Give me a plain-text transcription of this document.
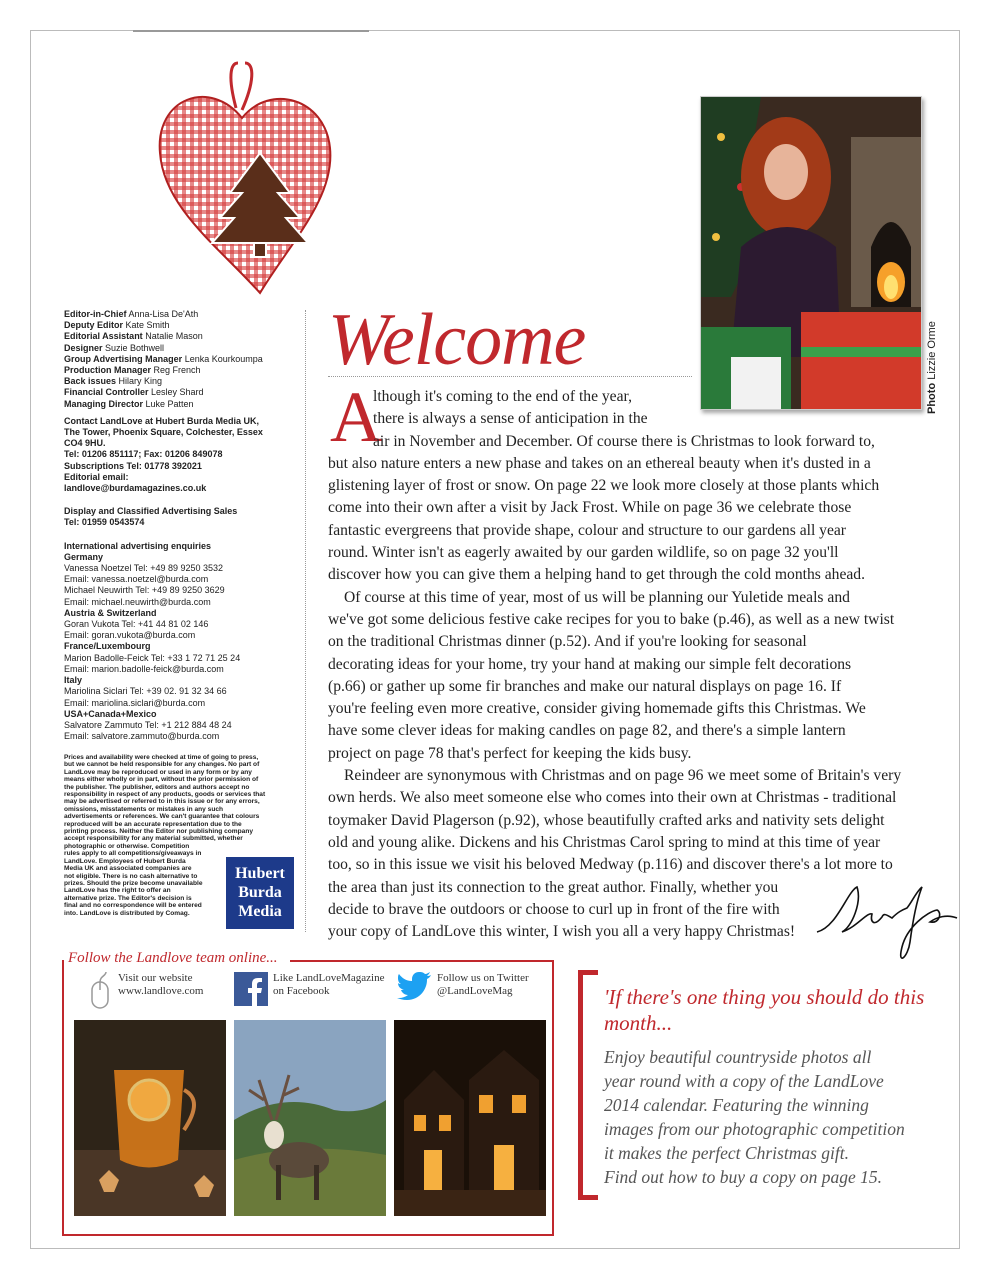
Editor-in-Chief Anna-Lisa De'Ath
Deputy Editor Kate Smith
Editorial Assistant Natalie Mason
Designer Suzie Bothwell
Group Advertising Manager Lenka Kourkoumpa
Production Manager Reg French
Back issues Hilary King
Financial Controller Lesley Shard
Managing Director Luke Patten
Contact LandLove at Hubert Burda Media UK,
The Tower, Phoenix Square, Colchester, Essex
CO4 9HU.
Tel: 01206 851117; Fax: 01206 849078
Subscriptions Tel: 01778 392021
Editorial email:
landlove@burdamagazines.co.uk
Display and Classified Advertising Sales
Tel: 01959 0543574
International advertising enquiries
Germany
Vanessa Noetzel Tel: +49 89 9250 3532
Email: vanessa.noetzel@burda.com
Michael Neuwirth Tel: +49 89 9250 3629
Email: michael.neuwirth@burda.com
Austria & Switzerland
Goran Vukota Tel: +41 44 81 02 146
Email: goran.vukota@burda.com
France/Luxembourg
Marion Badolle-Feick Tel: +33 1 72 71 25 24
Email: marion.badolle-feick@burda.com
Italy
Mariolina Siclari Tel: +39 02. 91 32 34 66
Email: mariolina.siclari@burda.com
USA+Canada+Mexico
Salvatore Zammuto Tel: +1 212 884 48 24
Email: salvatore.zammuto@burda.com
Prices and availability were checked at time of going to press,
but we cannot be held responsible for any changes. No part of
LandLove may be reproduced or used in any form or by any
means either wholly or in part, without the prior permission of
the publisher. The publisher, editors and authors accept no
responsibility in respect of any products, goods or services that
may be advertised or referred to in this issue or for any errors,
omissions, misstatements or mistakes in any such
advertisements or references. We can't guarantee that colours
reproduced will be an accurate representation due to the
printing process. Neither the Editor nor publishing company
accept responsibility for any material submitted, whether
photographic or otherwise. Competition
rules apply to all competitions/giveaways in
LandLove. Employees of Hubert Burda
Media UK and associated companies are
not eligible. There is no cash alternative to
prizes. Should the prize become unavailable
LandLove has the right to offer an
alternative prize. The Editor's decision is
final and no correspondence will be entered
into. LandLove is distributed by Comag.
Hubert
Burda
Media
Welcome
Photo Lizzie Orme
A
lthough it's coming to the end of the year,
there is always a sense of anticipation in the
air in November and December. Of course there is Christmas to look forward to,
but also nature enters a new phase and takes on an ethereal beauty when it's dusted in a
glistening layer of frost or snow. On page 22 we look more closely at those plants which
come into their own after a visit by Jack Frost. While on page 36 we celebrate those
fantastic evergreens that provide shape, colour and structure to our gardens all year
round. Winter isn't as eagerly awaited by our garden wildlife, so on page 32 you'll
discover how you can give them a helping hand to get through the cold months ahead.
Of course at this time of year, most of us will be planning our Yuletide meals and
we've got some delicious festive cake recipes for you to bake (p.46), as well as a new twist
on the traditional Christmas dinner (p.52). And if you're looking for seasonal
decorating ideas for your home, try your hand at making our simple felt decorations
(p.66) or gather up some fir branches and make our natural displays on page 16. If
you're feeling even more creative, consider giving homemade gifts this Christmas. We
have some clever ideas for making candles on page 82, and there's a simple lantern
project on page 78 that's perfect for keeping the kids busy.
Reindeer are synonymous with Christmas and on page 96 we meet some of Britain's very
own herds. We also meet someone else who comes into their own at Christmas - traditional
toymaker David Plagerson (p.92), whose beautifully crafted arks and nativity sets delight
old and young alike. Dickens and his Christmas Carol spring to mind at this time of year
too, so in this issue we visit his beloved Medway (p.116) and discover there's a lot more to
the area than just its connection to the great author. Finally, whether you
decide to brave the outdoors or choose to curl up in front of the fire with
your copy of LandLove this winter, I wish you all a very happy Christmas!
Follow the Landlove team online...
Visit our website
www.landlove.com
Like LandLoveMagazine
on Facebook
Follow us on Twitter
@LandLoveMag	'If there's one thing you should do this month...
Enjoy beautiful countryside photos all
year round with a copy of the LandLove
2014 calendar. Featuring the winning
images from our photographic competition
it makes the perfect Christmas gift.
Find out how to buy a copy on page 15.
